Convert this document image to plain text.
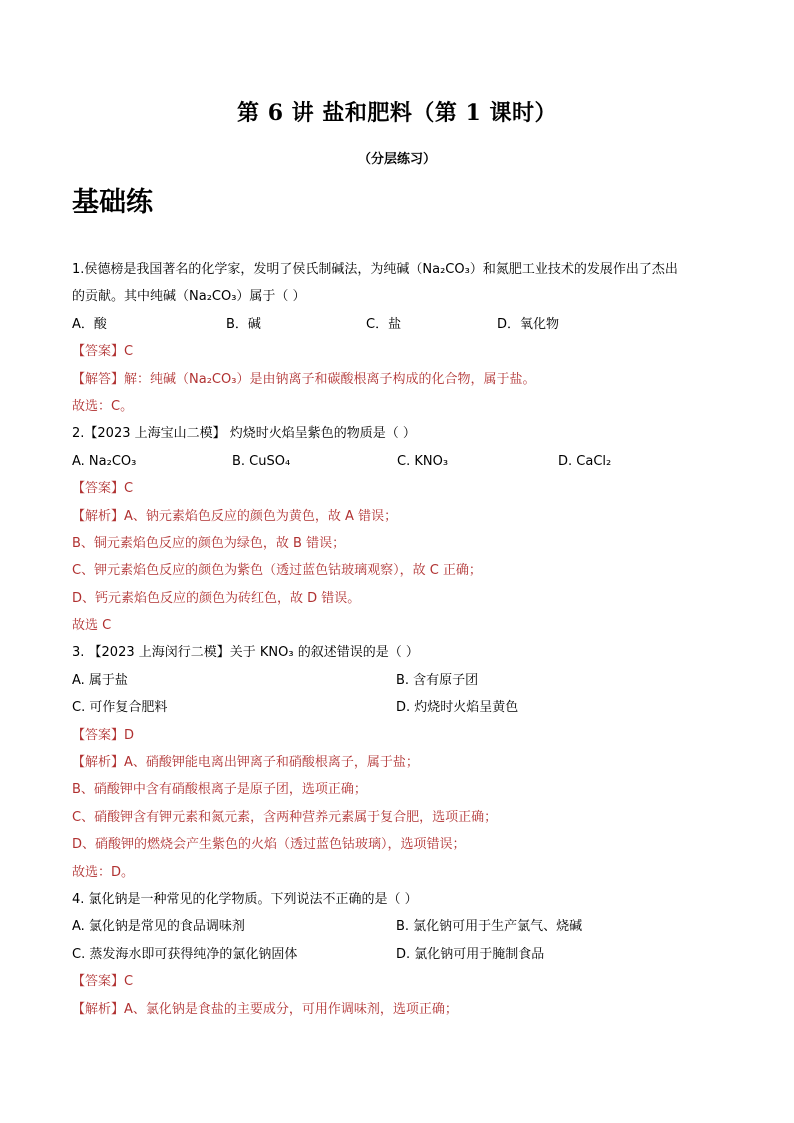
第 6 讲 盐和肥料（第 1 课时）
（分层练习）
基础练
1.侯德榜是我国著名的化学家，发明了侯氏制碱法，为纯碱（Na₂CO₃）和氮肥工业技术的发展作出了杰出
的贡献。其中纯碱（Na₂CO₃）属于（ ）
A．酸	B．碱	C．盐	D．氧化物
【答案】C
【解答】解：纯碱（Na₂CO₃）是由钠离子和碳酸根离子构成的化合物，属于盐。
故选：C。
2.【2023 上海宝山二模】 灼烧时火焰呈紫色的物质是（ ）
A. Na₂CO₃	B. CuSO₄	C. KNO₃	D. CaCl₂
【答案】C
【解析】A、钠元素焰色反应的颜色为黄色，故 A 错误；
B、铜元素焰色反应的颜色为绿色，故 B 错误；
C、钾元素焰色反应的颜色为紫色（透过蓝色钴玻璃观察），故 C 正确；
D、钙元素焰色反应的颜色为砖红色，故 D 错误。
故选 C
3. 【2023 上海闵行二模】关于 KNO₃ 的叙述错误的是（ ）
A. 属于盐	B. 含有原子团
C. 可作复合肥料	D. 灼烧时火焰呈黄色
【答案】D
【解析】A、硝酸钾能电离出钾离子和硝酸根离子，属于盐；
B、硝酸钾中含有硝酸根离子是原子团，选项正确；
C、硝酸钾含有钾元素和氮元素，含两种营养元素属于复合肥，选项正确；
D、硝酸钾的燃烧会产生紫色的火焰（透过蓝色钴玻璃），选项错误；
故选：D。
4. 氯化钠是一种常见的化学物质。下列说法不正确的是（ ）
A. 氯化钠是常见的食品调味剂	B. 氯化钠可用于生产氯气、烧碱
C. 蒸发海水即可获得纯净的氯化钠固体	D. 氯化钠可用于腌制食品
【答案】C
【解析】A、氯化钠是食盐的主要成分，可用作调味剂，选项正确；
